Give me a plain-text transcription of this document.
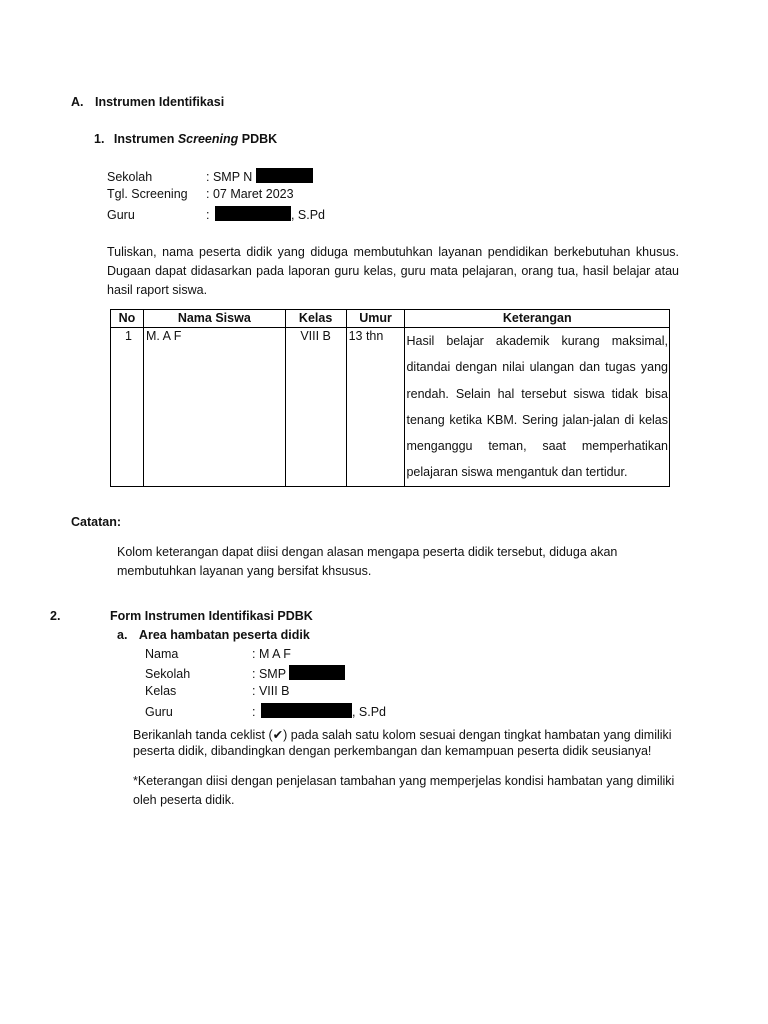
A. Instrumen Identifikasi
1. Instrumen Screening PDBK
Sekolah	: SMP N
Tgl. Screening : 07 Maret 2023
Guru	:	, S.Pd
Tuliskan, nama peserta didik yang diduga membutuhkan layanan pendidikan berkebutuhan khusus. Dugaan dapat didasarkan pada laporan guru kelas, guru mata pelajaran, orang tua, hasil belajar atau hasil raport siswa.
No	Nama Siswa	Kelas	Umur	Keterangan
1	M. A F	VIII B	13 thn	Hasil belajar akademik kurang maksimal, ditandai dengan nilai ulangan dan tugas yang rendah. Selain hal tersebut siswa tidak bisa tenang ketika KBM. Sering jalan-jalan di kelas menganggu teman, saat memperhatikan pelajaran siswa mengantuk dan tertidur.
Catatan:
Kolom keterangan dapat diisi dengan alasan mengapa peserta didik tersebut, diduga akan membutuhkan layanan yang bersifat khsusus.
2.	Form Instrumen Identifikasi PDBK
a. Area hambatan peserta didik
Nama	: M A F
Sekolah	: SMP
Kelas	: VIII B
Guru	:	, S.Pd
Berikanlah tanda ceklist (✔) pada salah satu kolom sesuai dengan tingkat hambatan yang dimiliki peserta didik, dibandingkan dengan perkembangan dan kemampuan peserta didik seusianya!
*Keterangan diisi dengan penjelasan tambahan yang memperjelas kondisi hambatan yang dimiliki oleh peserta didik.
